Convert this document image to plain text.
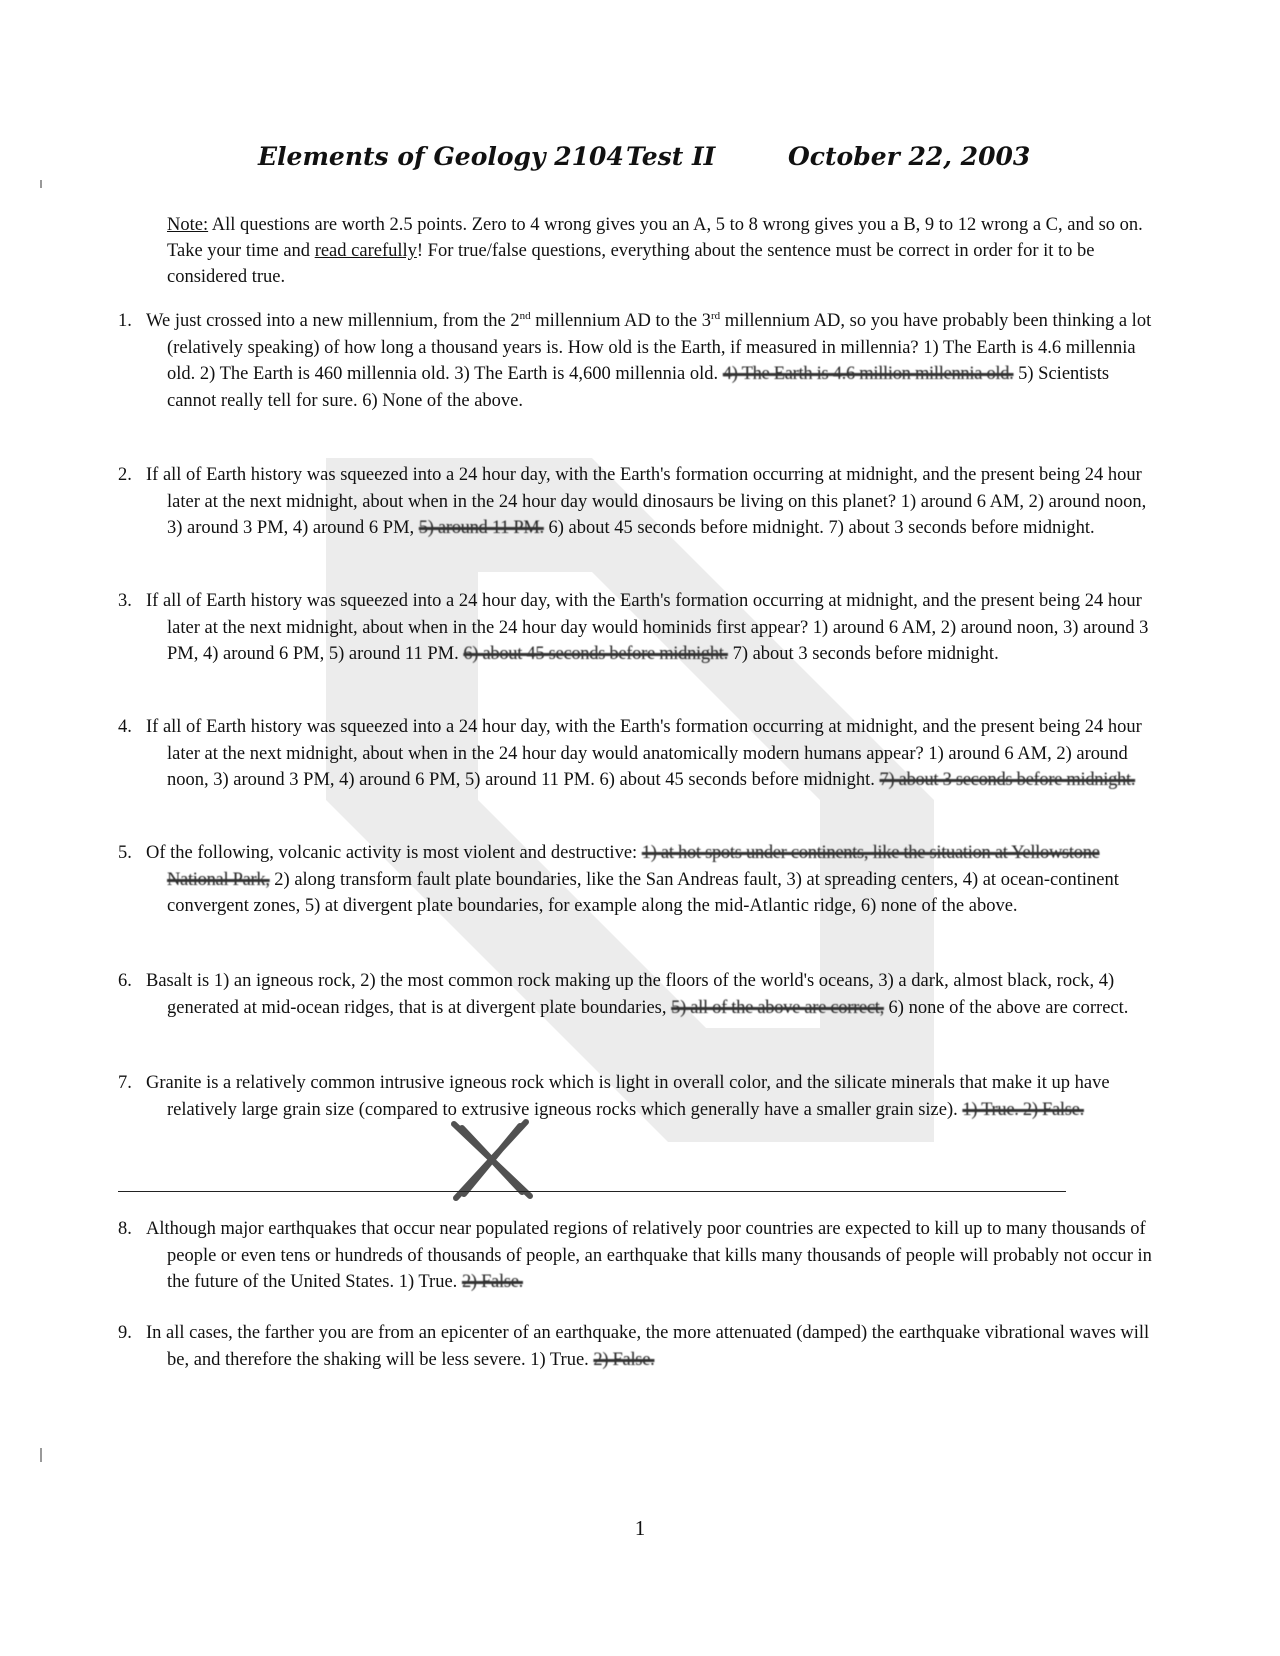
Elements of Geology 2104 Test II	October 22, 2003
Note: All questions are worth 2.5 points. Zero to 4 wrong gives you an A, 5 to 8 wrong gives you a B, 9 to 12 wrong a C, and so on. Take your time and read carefully! For true/false questions, everything about the sentence must be correct in order for it to be considered true.
1. We just crossed into a new millennium, from the 2nd millennium AD to the 3rd millennium AD, so you have probably been thinking a lot (relatively speaking) of how long a thousand years is. How old is the Earth, if measured in millennia? 1) The Earth is 4.6 millennia old. 2) The Earth is 460 millennia old. 3) The Earth is 4,600 millennia old. 4) The Earth is 4.6 million millennia old. 5) Scientists cannot really tell for sure. 6) None of the above.
2. If all of Earth history was squeezed into a 24 hour day, with the Earth's formation occurring at midnight, and the present being 24 hour later at the next midnight, about when in the 24 hour day would dinosaurs be living on this planet? 1) around 6 AM, 2) around noon, 3) around 3 PM, 4) around 6 PM, 5) around 11 PM. 6) about 45 seconds before midnight. 7) about 3 seconds before midnight.
3. If all of Earth history was squeezed into a 24 hour day, with the Earth's formation occurring at midnight, and the present being 24 hour later at the next midnight, about when in the 24 hour day would hominids first appear? 1) around 6 AM, 2) around noon, 3) around 3 PM, 4) around 6 PM, 5) around 11 PM. 6) about 45 seconds before midnight. 7) about 3 seconds before midnight.
4. If all of Earth history was squeezed into a 24 hour day, with the Earth's formation occurring at midnight, and the present being 24 hour later at the next midnight, about when in the 24 hour day would anatomically modern humans appear? 1) around 6 AM, 2) around noon, 3) around 3 PM, 4) around 6 PM, 5) around 11 PM. 6) about 45 seconds before midnight. 7) about 3 seconds before midnight.
5. Of the following, volcanic activity is most violent and destructive: 1) at hot spots under continents, like the situation at Yellowstone National Park, 2) along transform fault plate boundaries, like the San Andreas fault, 3) at spreading centers, 4) at ocean-continent convergent zones, 5) at divergent plate boundaries, for example along the mid-Atlantic ridge, 6) none of the above.
6. Basalt is 1) an igneous rock, 2) the most common rock making up the floors of the world's oceans, 3) a dark, almost black, rock, 4) generated at mid-ocean ridges, that is at divergent plate boundaries, 5) all of the above are correct, 6) none of the above are correct.
7. Granite is a relatively common intrusive igneous rock which is light in overall color, and the silicate minerals that make it up have relatively large grain size (compared to extrusive igneous rocks which generally have a smaller grain size). 1) True. 2) False.
8. Although major earthquakes that occur near populated regions of relatively poor countries are expected to kill up to many thousands of people or even tens or hundreds of thousands of people, an earthquake that kills many thousands of people will probably not occur in the future of the United States. 1) True. 2) False.
9. In all cases, the farther you are from an epicenter of an earthquake, the more attenuated (damped) the earthquake vibrational waves will be, and therefore the shaking will be less severe. 1) True. 2) False.
1
